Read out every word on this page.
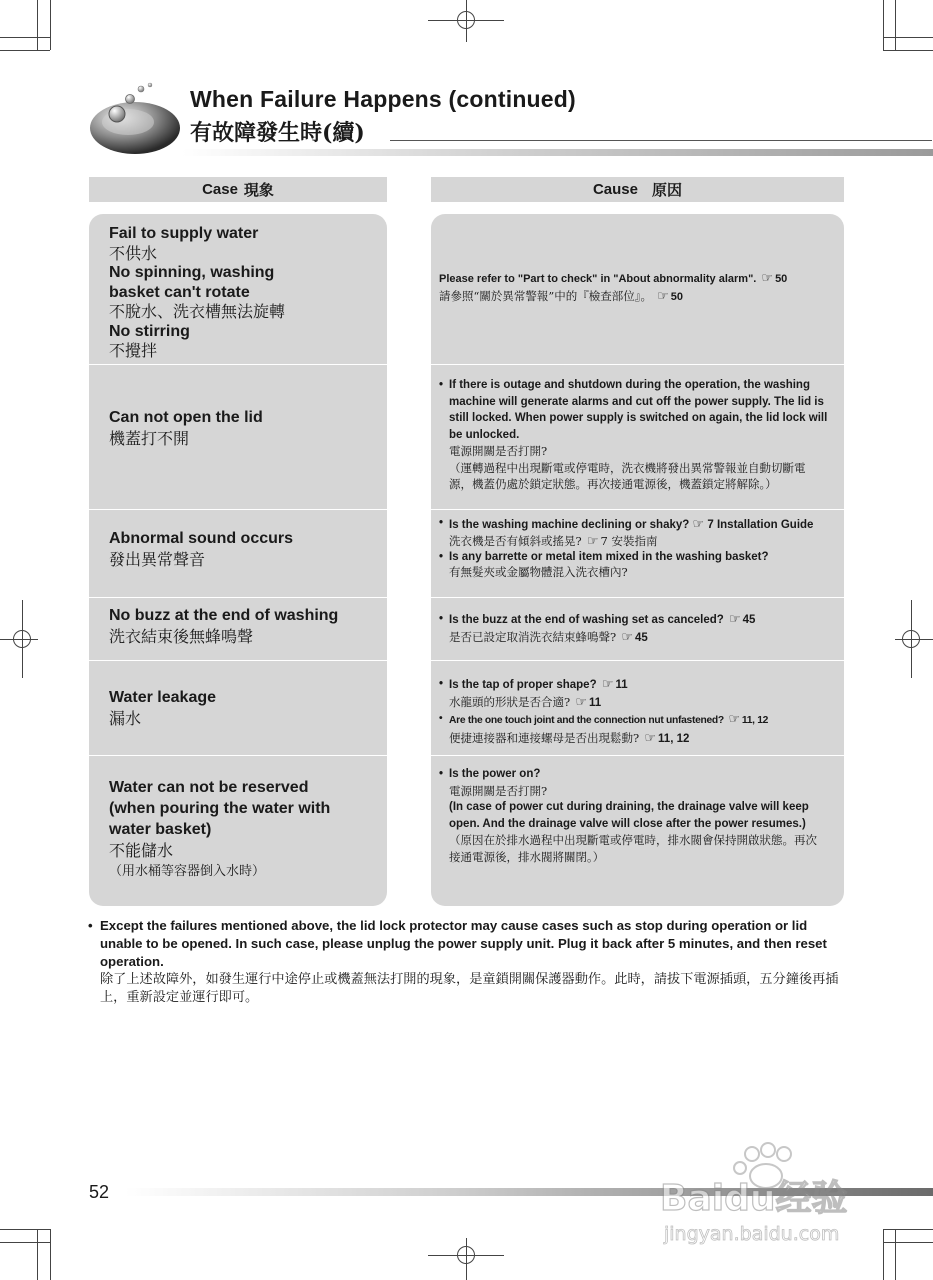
When Failure Happens (continued)
有故障發生時(續)
Case 現象	Cause 原因
Fail to supply water
不供水
No spinning, washing
basket can't rotate
不脫水、洗衣槽無法旋轉
No stirring
不攪拌
Can not open the lid
機蓋打不開
Abnormal sound occurs
發出異常聲音
No buzz at the end of washing
洗衣結束後無蜂鳴聲
Water leakage
漏水
Water can not be reserved
(when pouring the water with
water basket)
不能儲水
（用水桶等容器倒入水時）
Please refer to "Part to check" in "About abnormality alarm". ☞ 50
請參照“關於異常警報”中的『檢查部位』。 ☞ 50
• If there is outage and shutdown during the operation, the washing machine will generate alarms and cut off the power supply. The lid is still locked. When power supply is switched on again, the lid lock will be unlocked.
電源開關是否打開?
（運轉過程中出現斷電或停電時，洗衣機將發出異常警報並自動切斷電源，機蓋仍處於鎖定狀態。再次接通電源後，機蓋鎖定將解除。）
• Is the washing machine declining or shaky? ☞ 7 Installation Guide
洗衣機是否有傾斜或搖晃? ☞ 7 安裝指南
• Is any barrette or metal item mixed in the washing basket?
有無髮夾或金屬物體混入洗衣槽內?
• Is the buzz at the end of washing set as canceled? ☞ 45
是否已設定取消洗衣結束蜂鳴聲? ☞ 45
• Is the tap of proper shape? ☞ 11
水龍頭的形狀是否合適? ☞ 11
• Are the one touch joint and the connection nut unfastened? ☞ 11, 12
便捷連接器和連接螺母是否出現鬆動? ☞ 11, 12
• Is the power on?
電源開關是否打開?
(In case of power cut during draining, the drainage valve will keep open. And the drainage valve will close after the power resumes.)
（原因在於排水過程中出現斷電或停電時，排水閥會保持開啟狀態。再次接通電源後，排水閥將關閉。）
• Except the failures mentioned above, the lid lock protector may cause cases such as stop during operation or lid unable to be opened. In such case, please unplug the power supply unit. Plug it back after 5 minutes, and then reset operation.
除了上述故障外，如發生運行中途停止或機蓋無法打開的現象，是童鎖開關保護器動作。此時，請拔下電源插頭，五分鐘後再插上，重新設定並運行即可。
52	Baidu经验
jingyan.baidu.com
